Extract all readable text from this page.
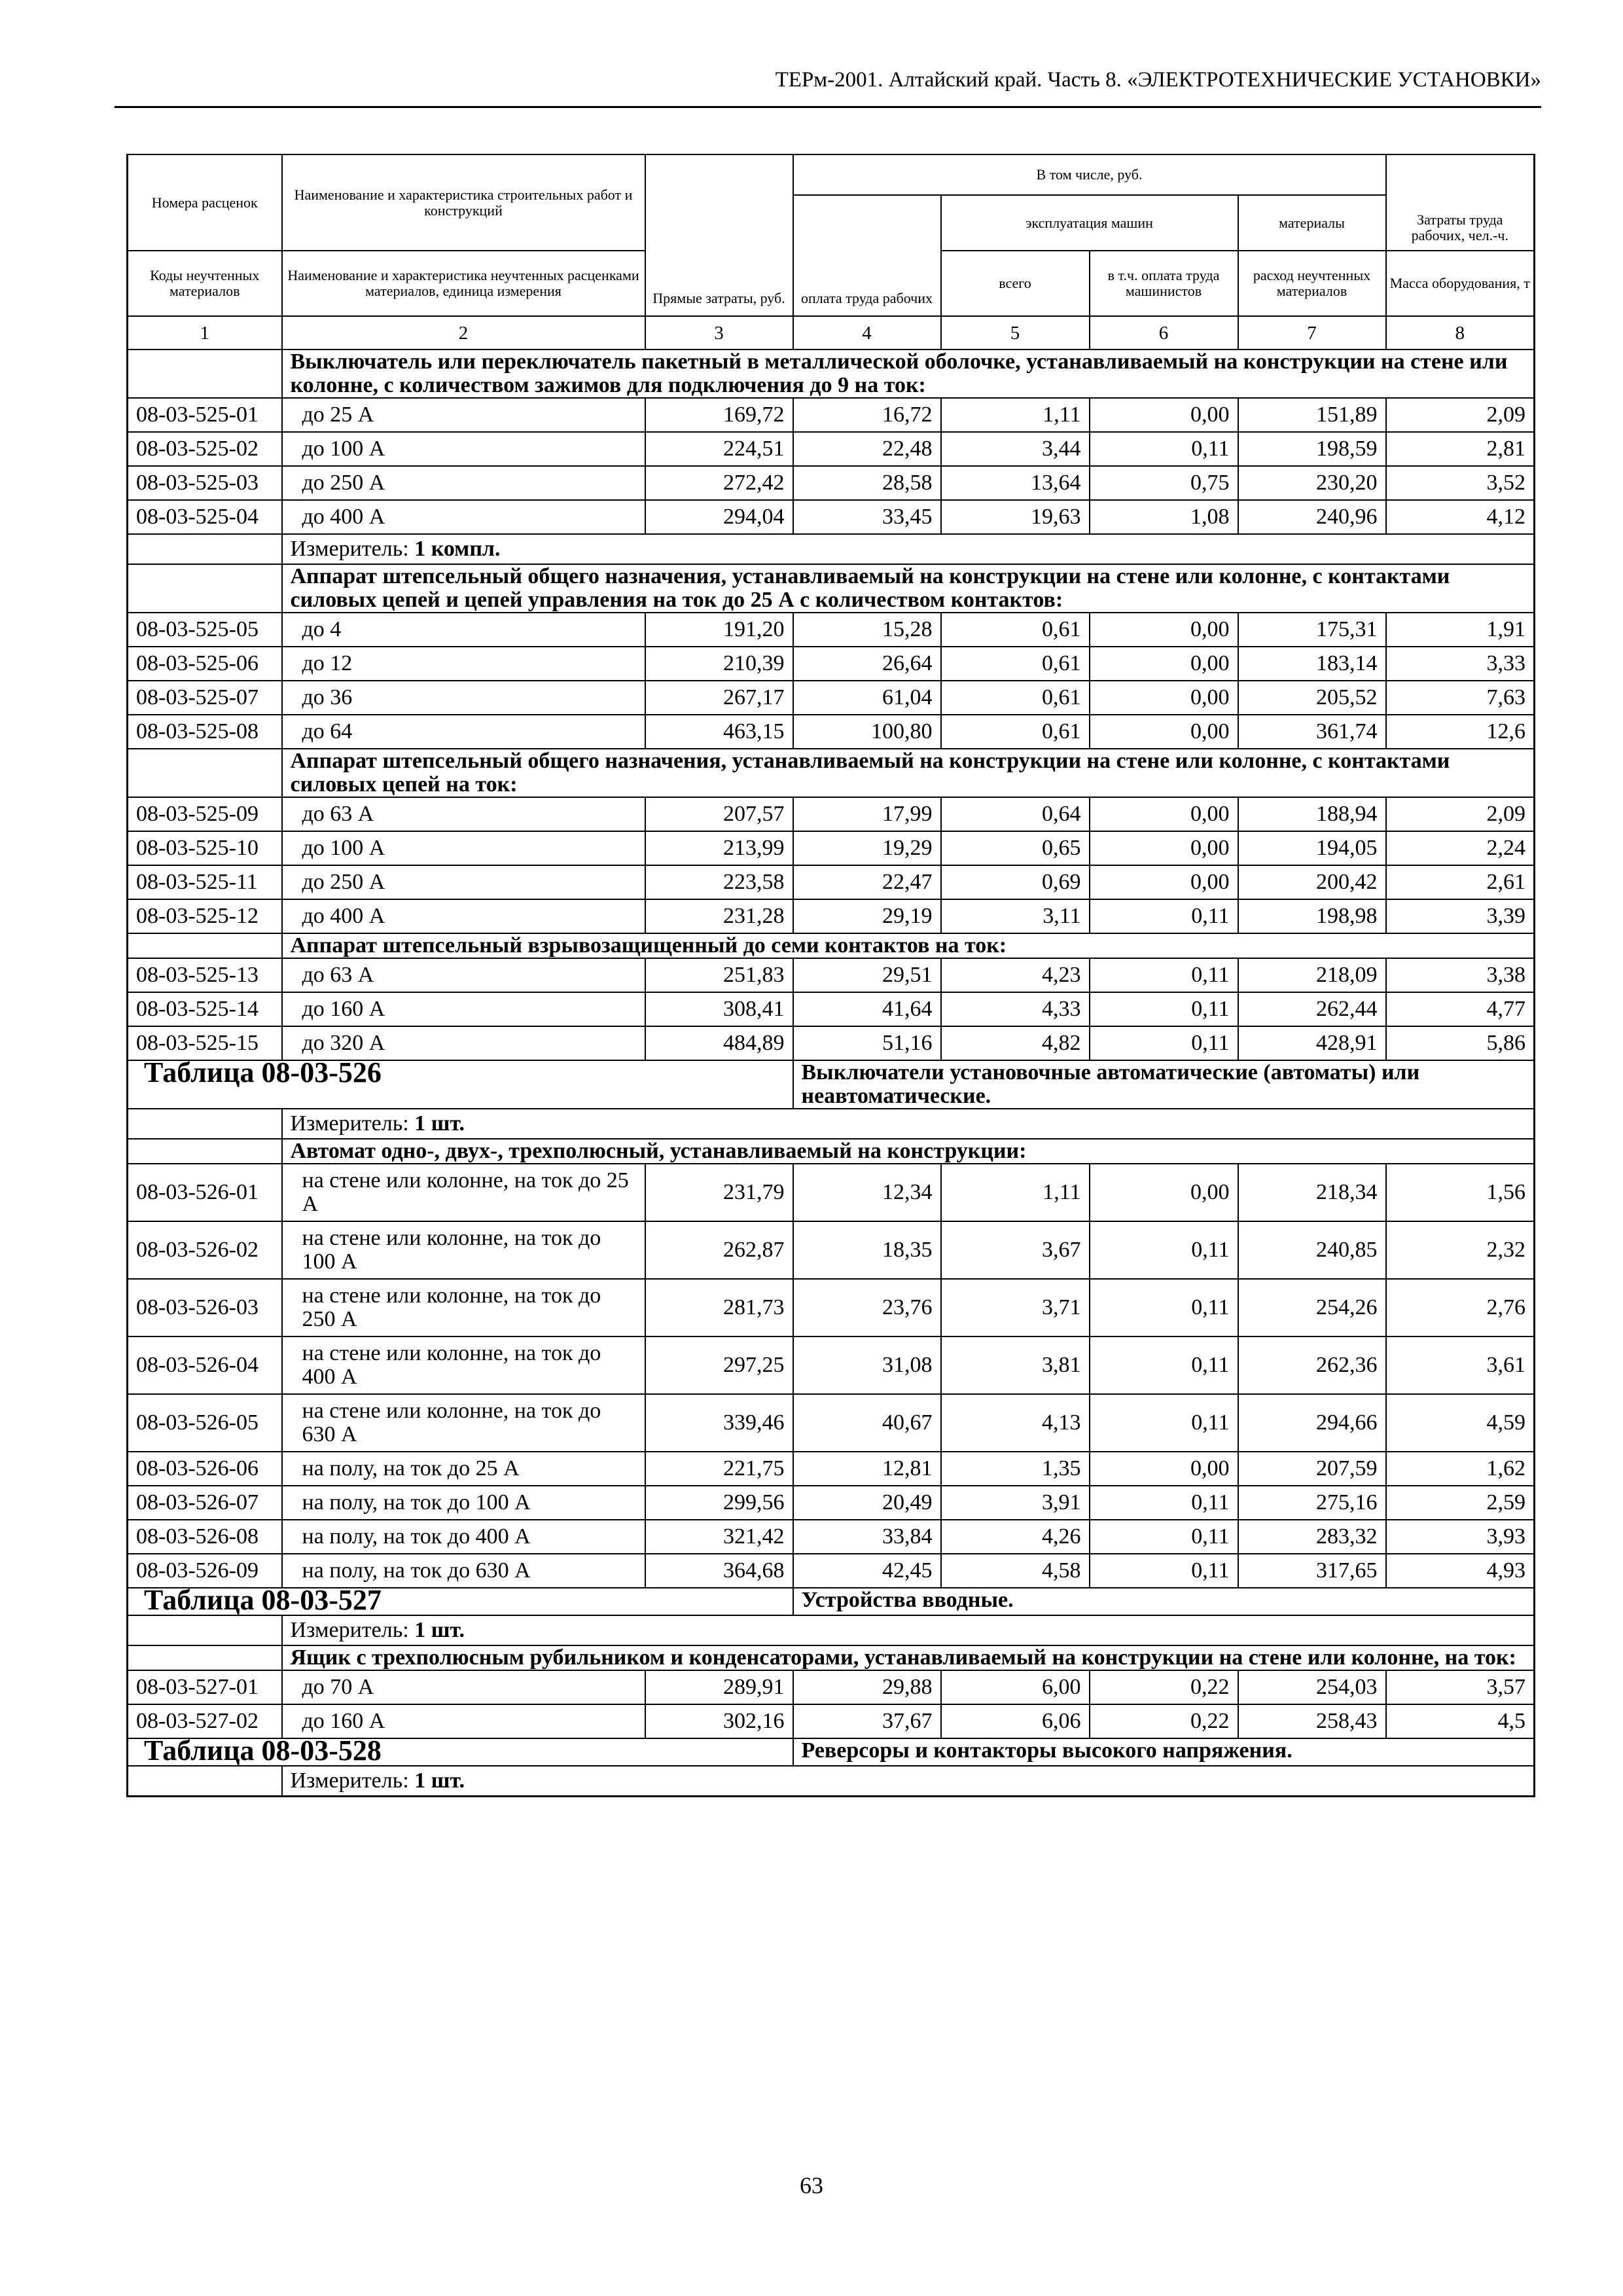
ТЕРм-2001. Алтайский край. Часть 8. «ЭЛЕКТРОТЕХНИЧЕСКИЕ УСТАНОВКИ»
Номера расценок	Наименование и характеристика строительных работ и конструкций	Прямые затраты, руб.	В том числе, руб.				Затраты труда рабочих, чел.-ч.
			оплата труда рабочих	эксплуатация машин		материалы	
Коды неучтенных материалов	Наименование и характеристика неучтенных расценками материалов, единица измерения			всего	в т.ч. оплата труда машинистов	расход неучтенных материалов	Масса оборудования, т
1	2	3	4	5	6	7	8
	Выключатель или переключатель пакетный в металлической оболочке, устанавливаемый на конструкции на стене или колонне, с количеством зажимов для подключения до 9 на ток:						
08-03-525-01	до 25 А	169,72	16,72	1,11	0,00	151,89	2,09
08-03-525-02	до 100 А	224,51	22,48	3,44	0,11	198,59	2,81
08-03-525-03	до 250 А	272,42	28,58	13,64	0,75	230,20	3,52
08-03-525-04	до 400 А	294,04	33,45	19,63	1,08	240,96	4,12
	Измеритель: 1 компл.						
	Аппарат штепсельный общего назначения, устанавливаемый на конструкции на стене или колонне, с контактами силовых цепей и цепей управления на ток до 25 А с количеством контактов:						
08-03-525-05	до 4	191,20	15,28	0,61	0,00	175,31	1,91
08-03-525-06	до 12	210,39	26,64	0,61	0,00	183,14	3,33
08-03-525-07	до 36	267,17	61,04	0,61	0,00	205,52	7,63
08-03-525-08	до 64	463,15	100,80	0,61	0,00	361,74	12,6
	Аппарат штепсельный общего назначения, устанавливаемый на конструкции на стене или колонне, с контактами силовых цепей на ток:						
08-03-525-09	до 63 А	207,57	17,99	0,64	0,00	188,94	2,09
08-03-525-10	до 100 А	213,99	19,29	0,65	0,00	194,05	2,24
08-03-525-11	до 250 А	223,58	22,47	0,69	0,00	200,42	2,61
08-03-525-12	до 400 А	231,28	29,19	3,11	0,11	198,98	3,39
	Аппарат штепсельный взрывозащищенный до семи контактов на ток:						
08-03-525-13	до 63 А	251,83	29,51	4,23	0,11	218,09	3,38
08-03-525-14	до 160 А	308,41	41,64	4,33	0,11	262,44	4,77
08-03-525-15	до 320 А	484,89	51,16	4,82	0,11	428,91	5,86
Таблица 08-03-526			Выключатели установочные автоматические (автоматы) или неавтоматические.				
	Измеритель: 1 шт.						
	Автомат одно-, двух-, трехполюсный, устанавливаемый на конструкции:						
08-03-526-01	на стене или колонне, на ток до 25 А	231,79	12,34	1,11	0,00	218,34	1,56
08-03-526-02	на стене или колонне, на ток до 100 А	262,87	18,35	3,67	0,11	240,85	2,32
08-03-526-03	на стене или колонне, на ток до 250 А	281,73	23,76	3,71	0,11	254,26	2,76
08-03-526-04	на стене или колонне, на ток до 400 А	297,25	31,08	3,81	0,11	262,36	3,61
08-03-526-05	на стене или колонне, на ток до 630 А	339,46	40,67	4,13	0,11	294,66	4,59
08-03-526-06	на полу, на ток до 25 А	221,75	12,81	1,35	0,00	207,59	1,62
08-03-526-07	на полу, на ток до 100 А	299,56	20,49	3,91	0,11	275,16	2,59
08-03-526-08	на полу, на ток до 400 А	321,42	33,84	4,26	0,11	283,32	3,93
08-03-526-09	на полу, на ток до 630 А	364,68	42,45	4,58	0,11	317,65	4,93
Таблица 08-03-527			Устройства вводные.				
	Измеритель: 1 шт.						
	Ящик с трехполюсным рубильником и конденсаторами, устанавливаемый на конструкции на стене или колонне, на ток:						
08-03-527-01	до 70 А	289,91	29,88	6,00	0,22	254,03	3,57
08-03-527-02	до 160 А	302,16	37,67	6,06	0,22	258,43	4,5
Таблица 08-03-528			Реверсоры и контакторы высокого напряжения.				
	Измеритель: 1 шт.						
63
